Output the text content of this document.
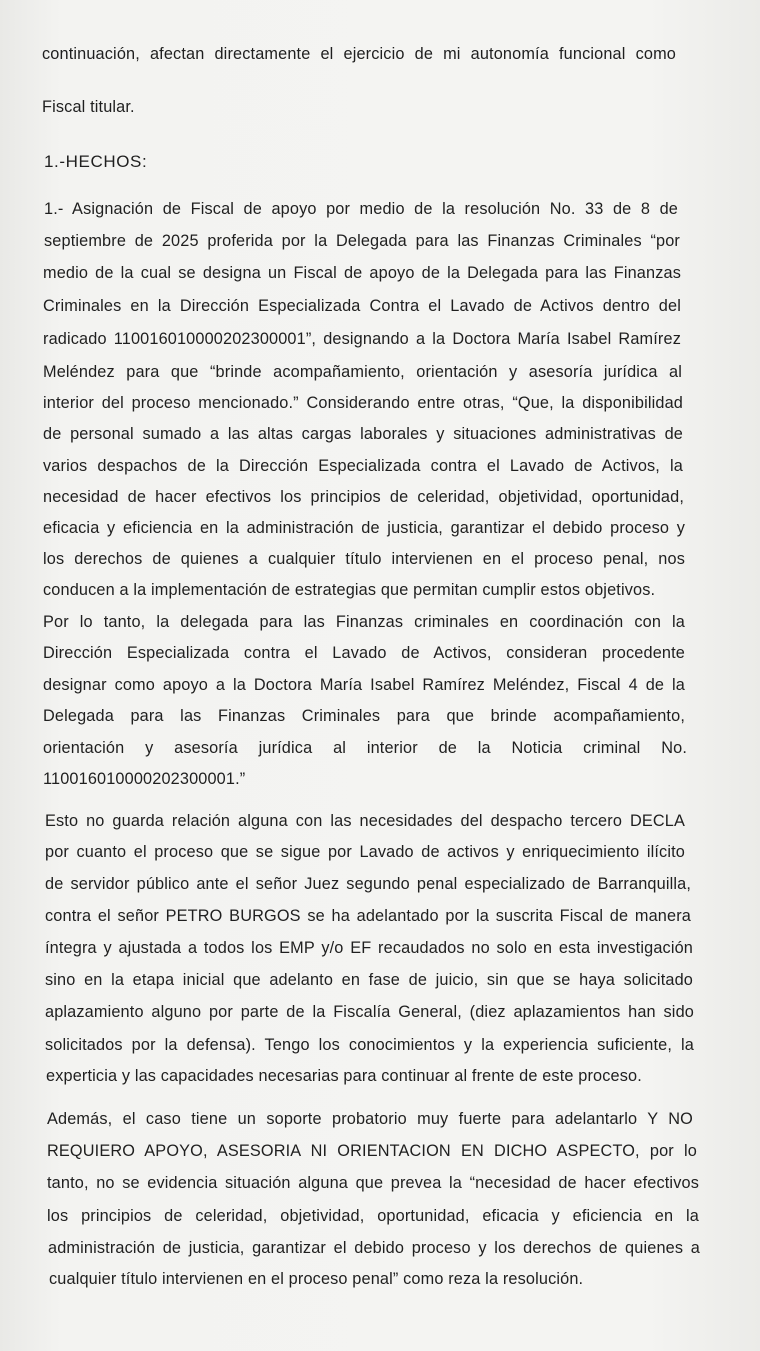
continuación, afectan directamente el ejercicio de mi autonomía funcional como
Fiscal titular.
1.-HECHOS:
1.- Asignación de Fiscal de apoyo por medio de la resolución No. 33 de 8 de
septiembre de 2025 proferida por la Delegada para las Finanzas Criminales “por
medio de la cual se designa un Fiscal de apoyo de la Delegada para las Finanzas
Criminales en la Dirección Especializada Contra el Lavado de Activos dentro del
radicado 110016010000202300001”, designando a la Doctora María Isabel Ramírez
Meléndez para que “brinde acompañamiento, orientación y asesoría jurídica al
interior del proceso mencionado.” Considerando entre otras, “Que, la disponibilidad
de personal sumado a las altas cargas laborales y situaciones administrativas de
varios despachos de la Dirección Especializada contra el Lavado de Activos, la
necesidad de hacer efectivos los principios de celeridad, objetividad, oportunidad,
eficacia y eficiencia en la administración de justicia, garantizar el debido proceso y
los derechos de quienes a cualquier título intervienen en el proceso penal, nos
conducen a la implementación de estrategias que permitan cumplir estos objetivos.
Por lo tanto, la delegada para las Finanzas criminales en coordinación con la
Dirección Especializada contra el Lavado de Activos, consideran procedente
designar como apoyo a la Doctora María Isabel Ramírez Meléndez, Fiscal 4 de la
Delegada para las Finanzas Criminales para que brinde acompañamiento,
orientación y asesoría jurídica al interior de la Noticia criminal No.
110016010000202300001.”
Esto no guarda relación alguna con las necesidades del despacho tercero DECLA
por cuanto el proceso que se sigue por Lavado de activos y enriquecimiento ilícito
de servidor público ante el señor Juez segundo penal especializado de Barranquilla,
contra el señor PETRO BURGOS se ha adelantado por la suscrita Fiscal de manera
íntegra y ajustada a todos los EMP y/o EF recaudados no solo en esta investigación
sino en la etapa inicial que adelanto en fase de juicio, sin que se haya solicitado
aplazamiento alguno por parte de la Fiscalía General, (diez aplazamientos han sido
solicitados por la defensa). Tengo los conocimientos y la experiencia suficiente, la
experticia y las capacidades necesarias para continuar al frente de este proceso.
Además, el caso tiene un soporte probatorio muy fuerte para adelantarlo Y NO
REQUIERO APOYO, ASESORIA NI ORIENTACION EN DICHO ASPECTO, por lo
tanto, no se evidencia situación alguna que prevea la “necesidad de hacer efectivos
los principios de celeridad, objetividad, oportunidad, eficacia y eficiencia en la
administración de justicia, garantizar el debido proceso y los derechos de quienes a
cualquier título intervienen en el proceso penal” como reza la resolución.
